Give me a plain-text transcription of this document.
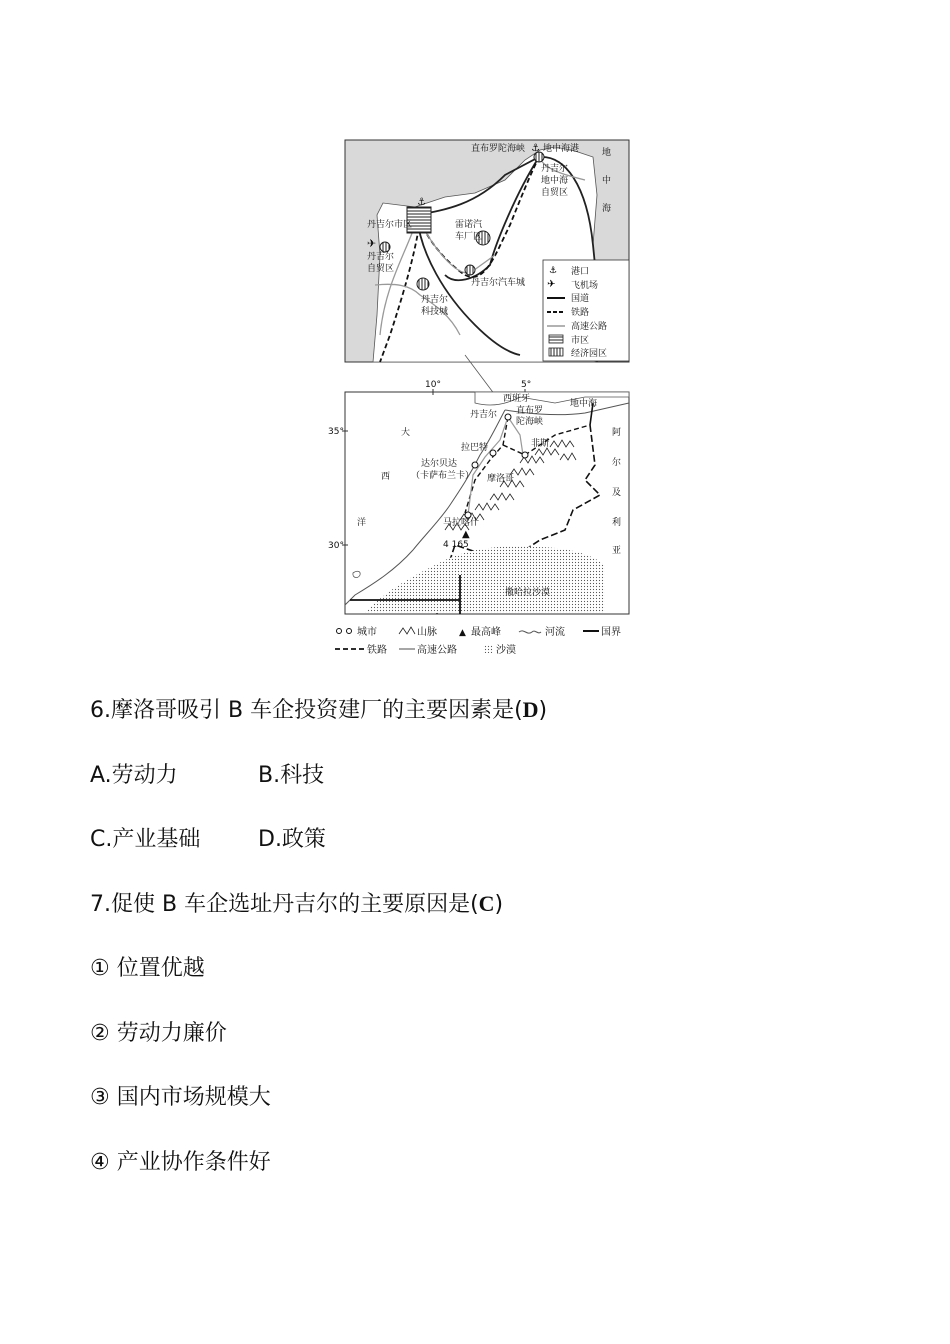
⚓
⚓
✈
直布罗陀海峡 地中海港	地
中
海
丹吉尔
地中海
自贸区
雷诺汽
车厂区
丹吉尔市区
丹吉尔
自贸区
丹吉尔汽车城
丹吉尔
科技城
⚓
✈
港口
飞机场
国道
铁路
高速公路
市区
经济园区
10°	5°
35°
30°
▲
西班牙	地中海
丹吉尔 直布罗
陀海峡
拉巴特	非斯
达尔贝达
（卡萨布兰卡） 摩洛哥
马拉喀什
4 165
撒哈拉沙漠
大
西
洋
阿
尔
及
利
亚
城市	山脉 ▲ 最高峰	河流	国界
铁路	高速公路	沙漠
6.摩洛哥吸引 B 车企投资建厂的主要因素是(D)
A.劳动力	B.科技
C.产业基础	D.政策
7.促使 B 车企选址丹吉尔的主要原因是(C)
① 位置优越
② 劳动力廉价
③ 国内市场规模大
④ 产业协作条件好
